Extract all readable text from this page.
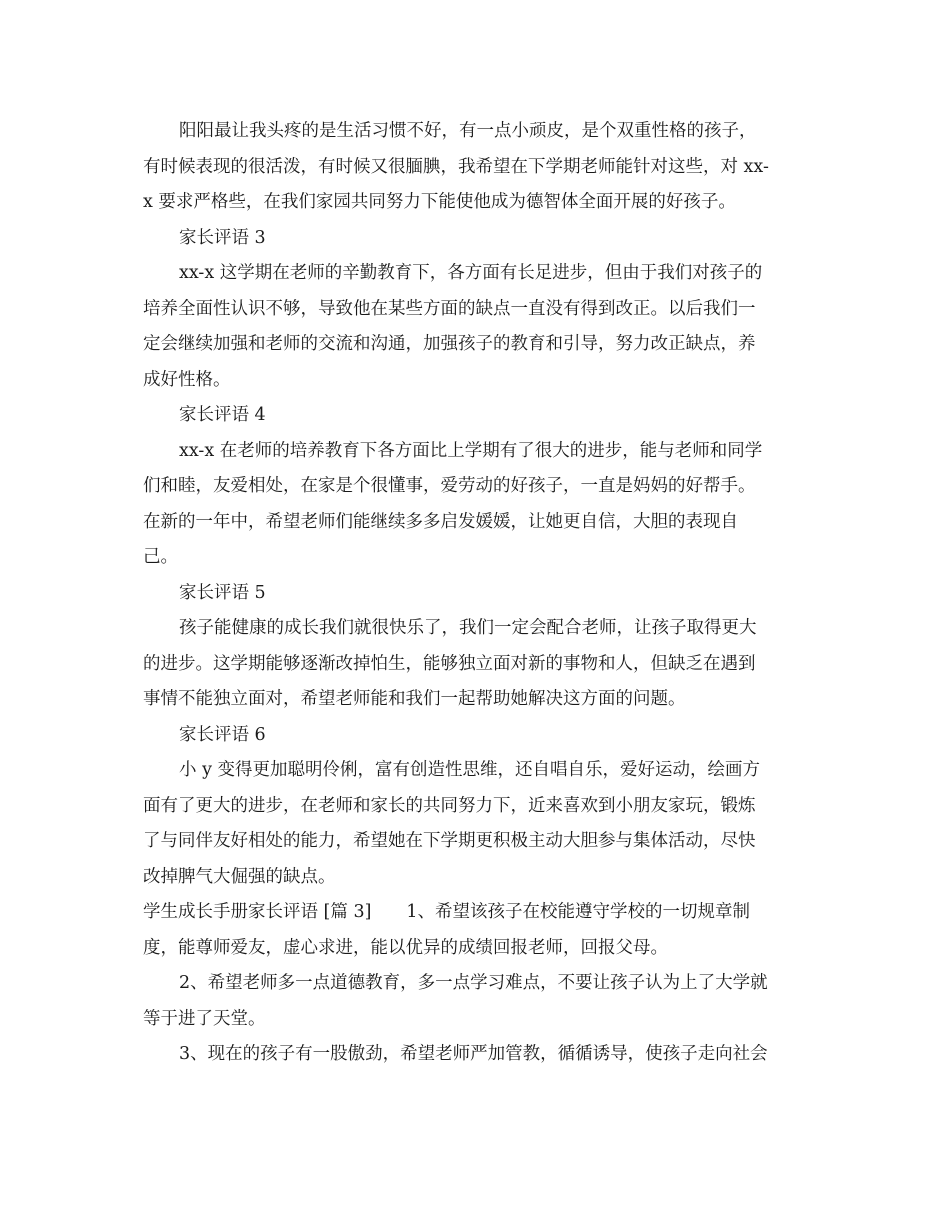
阳阳最让我头疼的是生活习惯不好，有一点小顽皮，是个双重性格的孩子，
有时候表现的很活泼，有时候又很腼腆，我希望在下学期老师能针对这些，对 xx-
x 要求严格些，在我们家园共同努力下能使他成为德智体全面开展的好孩子。
家长评语 3
xx-x 这学期在老师的辛勤教育下，各方面有长足进步，但由于我们对孩子的
培养全面性认识不够，导致他在某些方面的缺点一直没有得到改正。以后我们一
定会继续加强和老师的交流和沟通，加强孩子的教育和引导，努力改正缺点，养
成好性格。
家长评语 4
xx-x 在老师的培养教育下各方面比上学期有了很大的进步，能与老师和同学
们和睦，友爱相处，在家是个很懂事，爱劳动的好孩子，一直是妈妈的好帮手。
在新的一年中，希望老师们能继续多多启发媛媛，让她更自信，大胆的表现自
己。
家长评语 5
孩子能健康的成长我们就很快乐了，我们一定会配合老师，让孩子取得更大
的进步。这学期能够逐渐改掉怕生，能够独立面对新的事物和人，但缺乏在遇到
事情不能独立面对，希望老师能和我们一起帮助她解决这方面的问题。
家长评语 6
小 y 变得更加聪明伶俐，富有创造性思维，还自唱自乐，爱好运动，绘画方
面有了更大的进步，在老师和家长的共同努力下，近来喜欢到小朋友家玩，锻炼
了与同伴友好相处的能力，希望她在下学期更积极主动大胆参与集体活动，尽快
改掉脾气大倔强的缺点。
学生成长手册家长评语 [篇 3]　　1、希望该孩子在校能遵守学校的一切规章制
度，能尊师爱友，虚心求进，能以优异的成绩回报老师，回报父母。
2、希望老师多一点道德教育，多一点学习难点，不要让孩子认为上了大学就
等于进了天堂。
3、现在的孩子有一股傲劲，希望老师严加管教，循循诱导，使孩子走向社会
